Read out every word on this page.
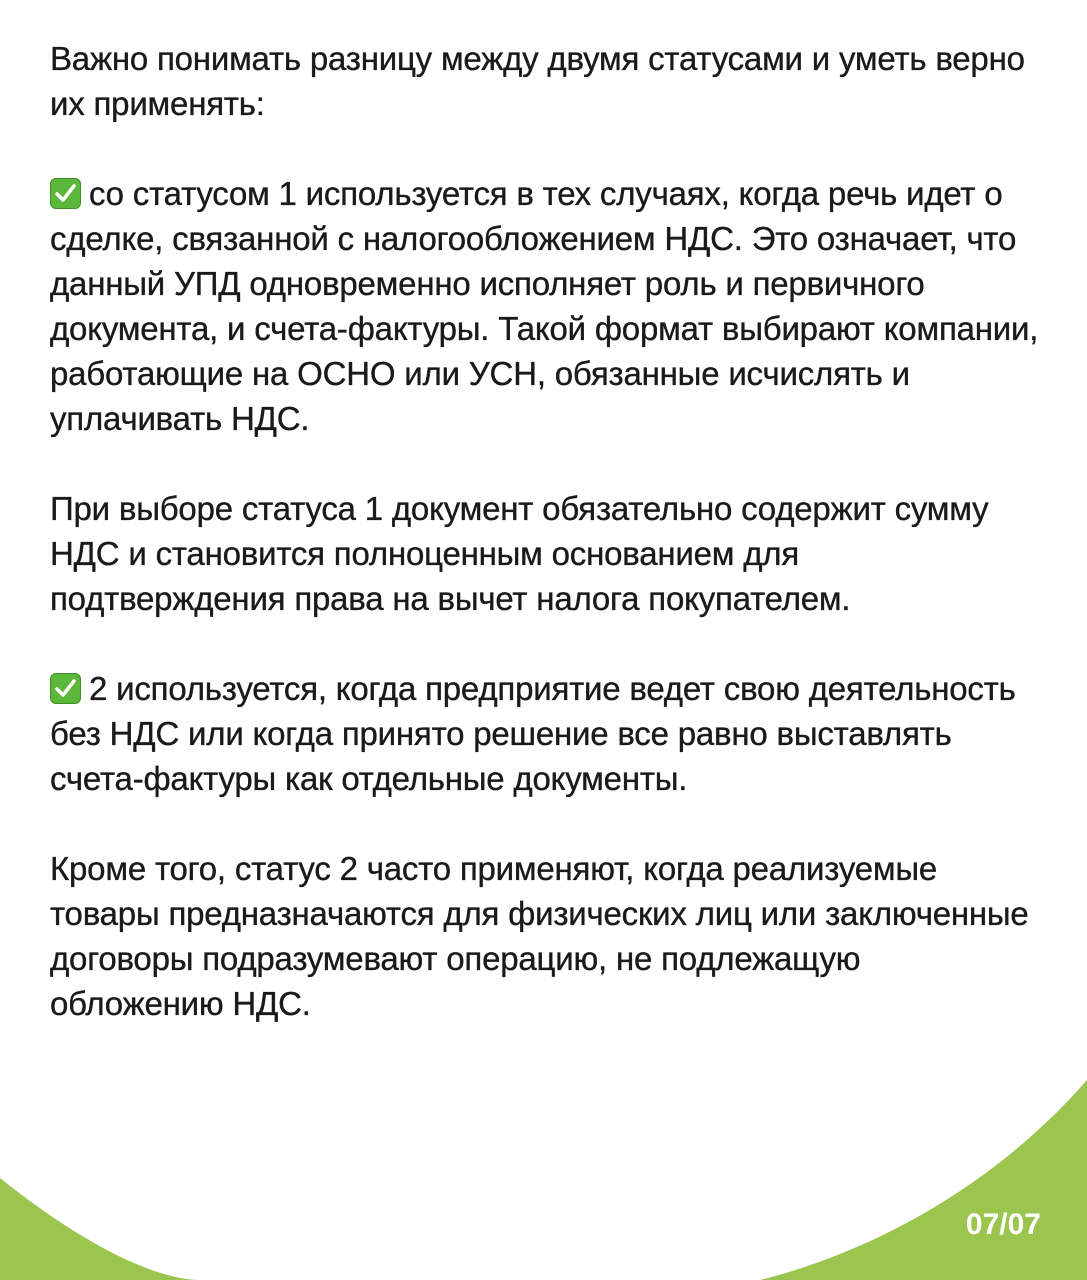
Важно понимать разницу между двумя статусами и уметь верно их применять:

со статусом 1 используется в тех случаях, когда речь идет о сделке, связанной с налогообложением НДС. Это означает, что данный УПД одновременно исполняет роль и первичного документа, и счета-фактуры. Такой формат выбирают компании, работающие на ОСНО или УСН, обязанные исчислять и уплачивать НДС.

При выборе статуса 1 документ обязательно содержит сумму НДС и становится полноценным основанием для подтверждения права на вычет налога покупателем.

2 используется, когда предприятие ведет свою деятельность без НДС или когда принято решение все равно выставлять счета-фактуры как отдельные документы.

Кроме того, статус 2 часто применяют, когда реализуемые товары предназначаются для физических лиц или заключенные договоры подразумевают операцию, не подлежащую обложению НДС.

07/07
